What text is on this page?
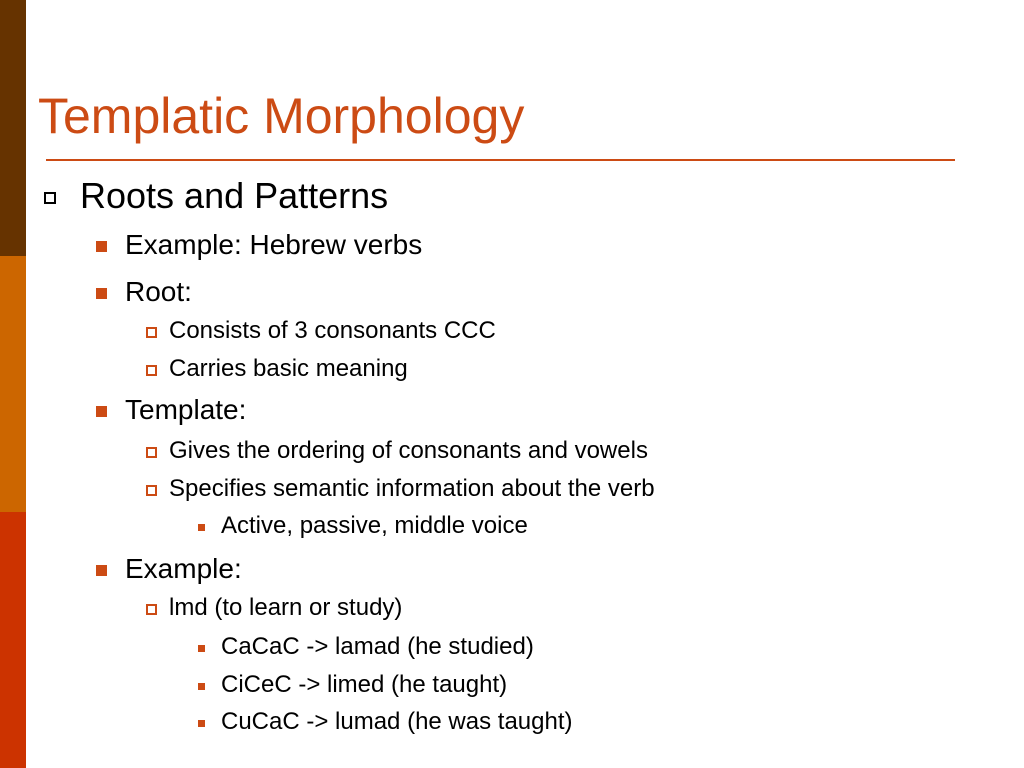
Templatic Morphology
Roots and Patterns
Example: Hebrew verbs
Root:
Consists of 3 consonants CCC
Carries basic meaning
Template:
Gives the ordering of consonants and vowels
Specifies semantic information about the verb
Active, passive, middle voice
Example:
lmd (to learn or study)
CaCaC -> lamad (he studied)
CiCeC -> limed (he taught)
CuCaC -> lumad (he was taught)
